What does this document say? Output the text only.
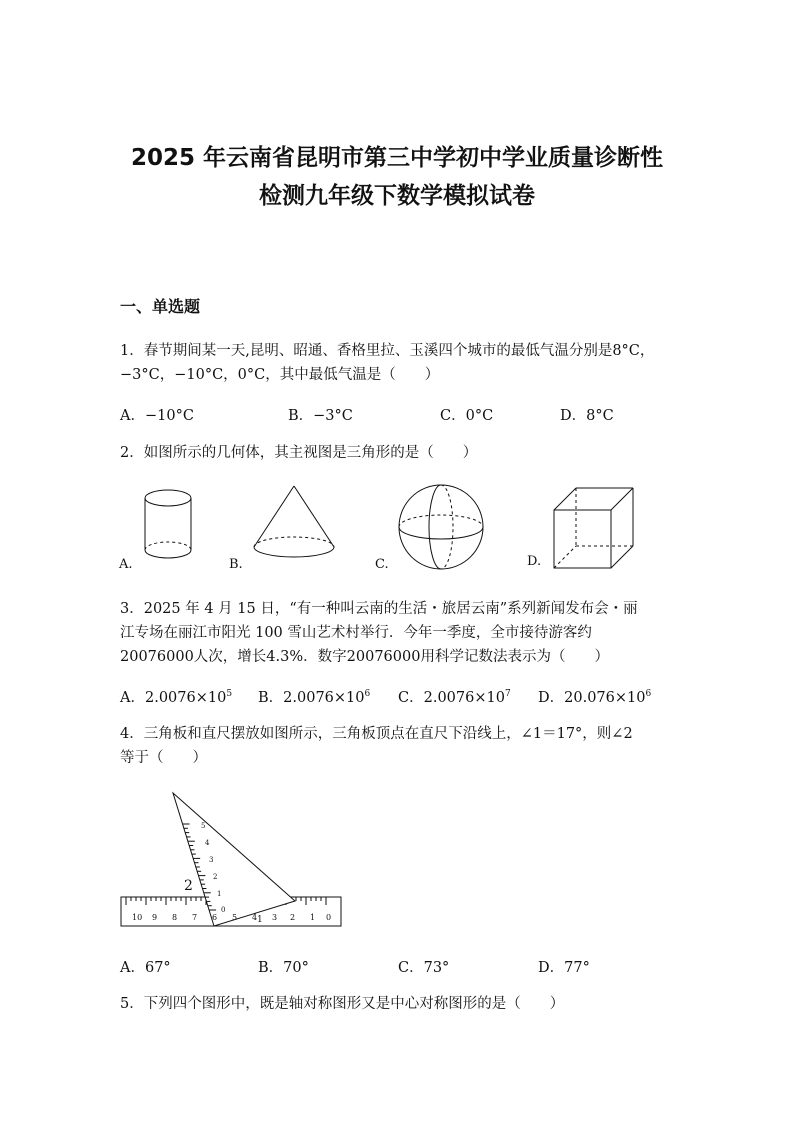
2025 年云南省昆明市第三中学初中学业质量诊断性
检测九年级下数学模拟试卷
一、单选题
1．春节期间某一天,昆明、昭通、香格里拉、玉溪四个城市的最低气温分别是8°C，
−3°C，−10°C，0°C，其中最低气温是（　　）
A．−10°C	B．−3°C	C．0°C	D．8°C
2．如图所示的几何体，其主视图是三角形的是（　　）
A.	B.	C.	D.
3．2025 年 4 月 15 日，“有一种叫云南的生活・旅居云南”系列新闻发布会・丽
江专场在丽江市阳光 100 雪山艺术村举行．今年一季度，全市接待游客约
20076000人次，增长4.3%．数字20076000用科学记数法表示为（　　）
A．$2.0076\times 10^5$ B．$2.0076\times 10^6$ C．$2.0076\times 10^7$ D．$20.076\times 10^6$
4．三角板和直尺摆放如图所示，三角板顶点在直尺下沿线上，∠1＝17°，则∠2
等于（　　）
10 9 8 7 6 5 4 3 2 1 0
0
1
2
3
4
5
2
1
A．67°	B．70°	C．73°	D．77°
5．下列四个图形中，既是轴对称图形又是中心对称图形的是（　　）
